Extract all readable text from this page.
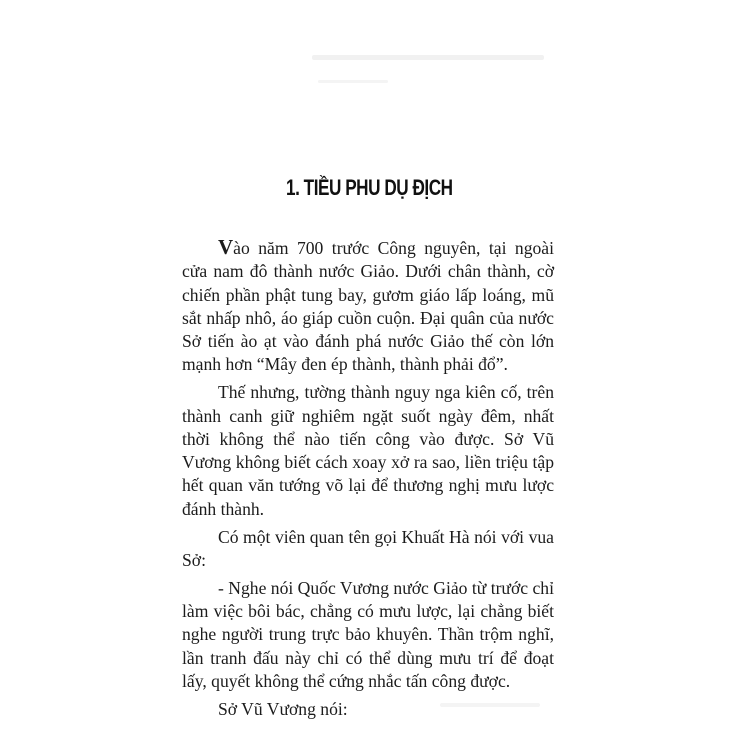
1. TIỀU PHU DỤ ĐỊCH

Vào năm 700 trước Công nguyên, tại ngoài cửa nam đô thành nước Giảo. Dưới chân thành, cờ chiến phần phật tung bay, gươm giáo lấp loáng, mũ sắt nhấp nhô, áo giáp cuồn cuộn. Đại quân của nước Sở tiến ào ạt vào đánh phá nước Giảo thế còn lớn mạnh hơn “Mây đen ép thành, thành phải đổ”.

Thế nhưng, tường thành nguy nga kiên cố, trên thành canh giữ nghiêm ngặt suốt ngày đêm, nhất thời không thể nào tiến công vào được. Sở Vũ Vương không biết cách xoay xở ra sao, liền triệu tập hết quan văn tướng võ lại để thương nghị mưu lược đánh thành.

Có một viên quan tên gọi Khuất Hà nói với vua Sở:

- Nghe nói Quốc Vương nước Giảo từ trước chỉ làm việc bôi bác, chẳng có mưu lược, lại chẳng biết nghe người trung trực bảo khuyên. Thần trộm nghĩ, lần tranh đấu này chỉ có thể dùng mưu trí để đoạt lấy, quyết không thể cứng nhắc tấn công được.

Sở Vũ Vương nói:
